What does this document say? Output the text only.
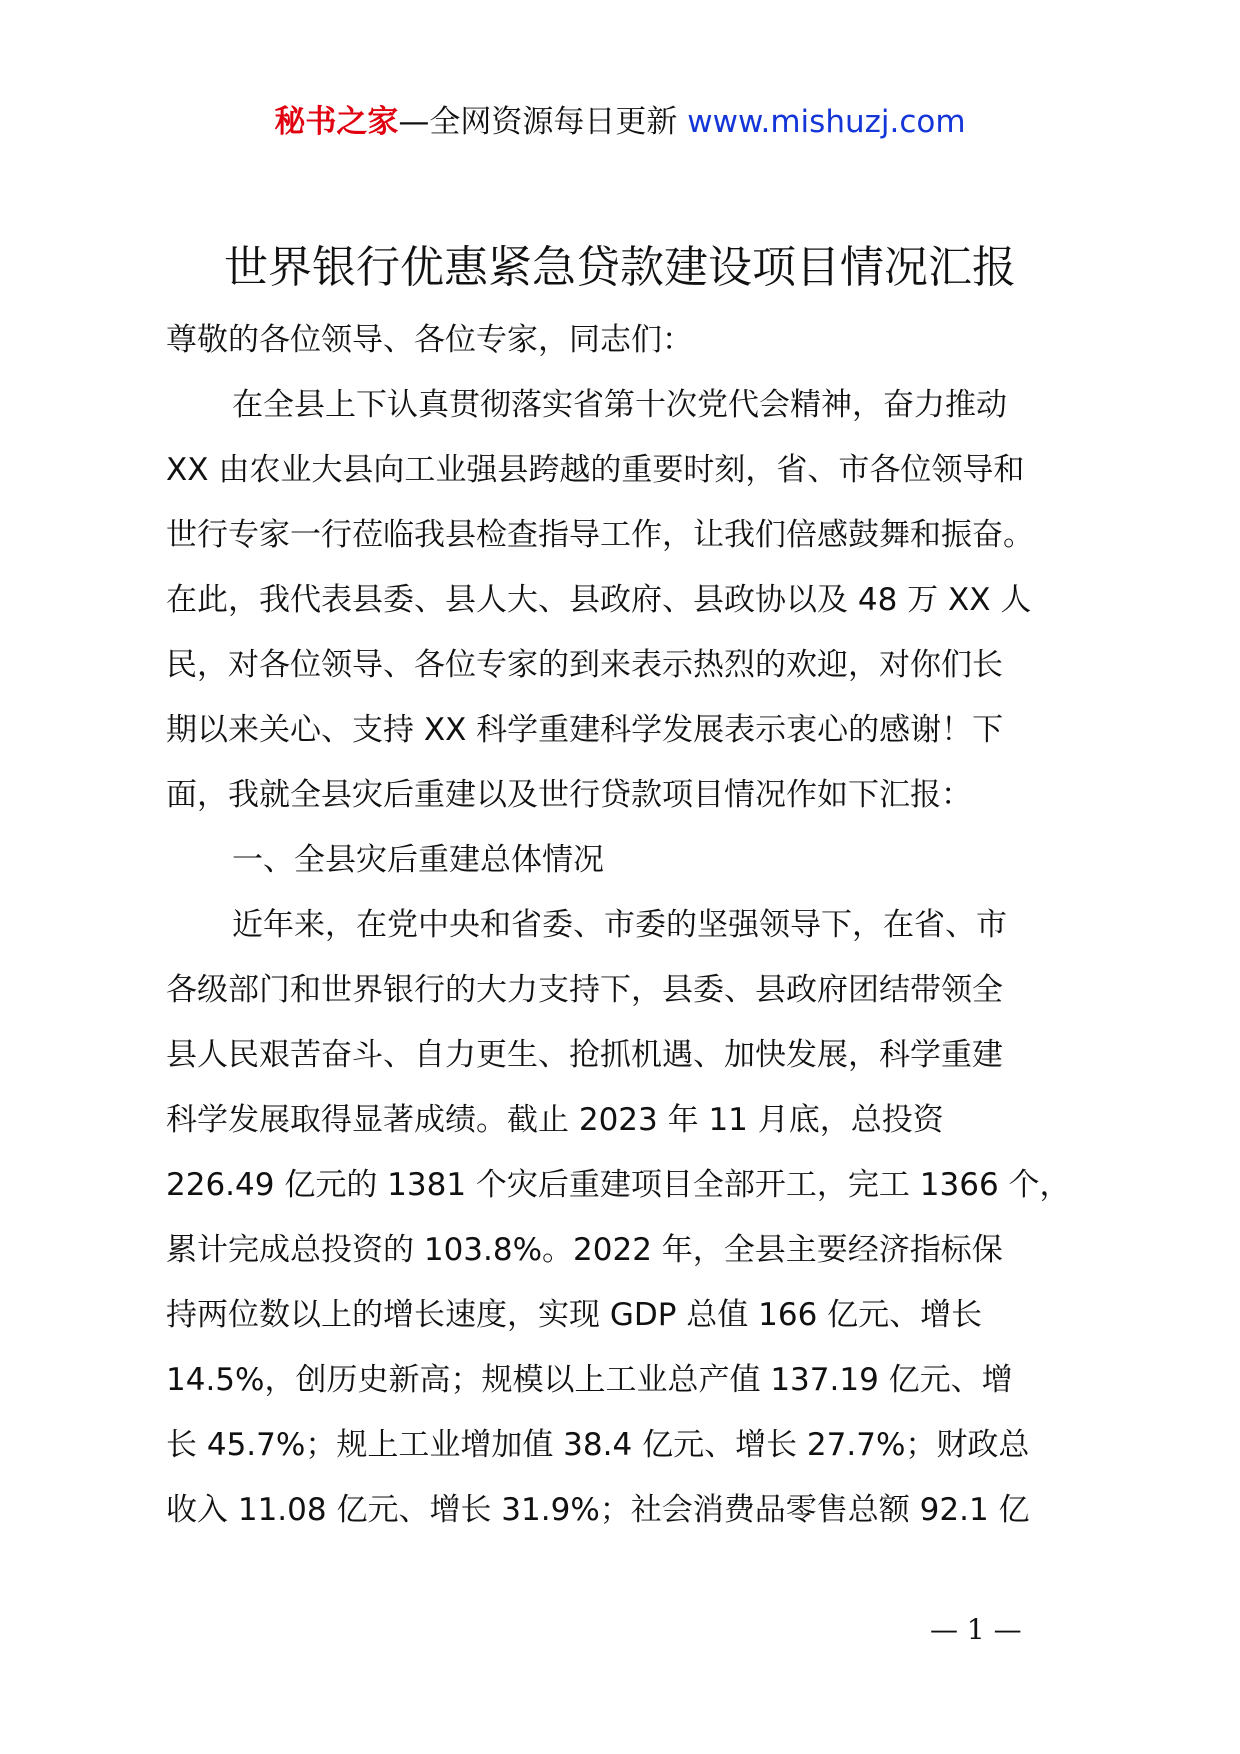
秘书之家—全网资源每日更新 www.mishuzj.com
世界银行优惠紧急贷款建设项目情况汇报
尊敬的各位领导、各位专家，同志们：
在全县上下认真贯彻落实省第十次党代会精神，奋力推动
XX 由农业大县向工业强县跨越的重要时刻，省、市各位领导和
世行专家一行莅临我县检查指导工作，让我们倍感鼓舞和振奋。
在此，我代表县委、县人大、县政府、县政协以及 48 万 XX 人
民，对各位领导、各位专家的到来表示热烈的欢迎，对你们长
期以来关心、支持 XX 科学重建科学发展表示衷心的感谢！下
面，我就全县灾后重建以及世行贷款项目情况作如下汇报：
一、全县灾后重建总体情况
近年来，在党中央和省委、市委的坚强领导下，在省、市
各级部门和世界银行的大力支持下，县委、县政府团结带领全
县人民艰苦奋斗、自力更生、抢抓机遇、加快发展，科学重建
科学发展取得显著成绩。截止 2023 年 11 月底，总投资
226.49 亿元的 1381 个灾后重建项目全部开工，完工 1366 个，
累计完成总投资的 103.8%。2022 年，全县主要经济指标保
持两位数以上的增长速度，实现 GDP 总值 166 亿元、增长
14.5%，创历史新高；规模以上工业总产值 137.19 亿元、增
长 45.7%；规上工业增加值 38.4 亿元、增长 27.7%；财政总
收入 11.08 亿元、增长 31.9%；社会消费品零售总额 92.1 亿
— 1 —
